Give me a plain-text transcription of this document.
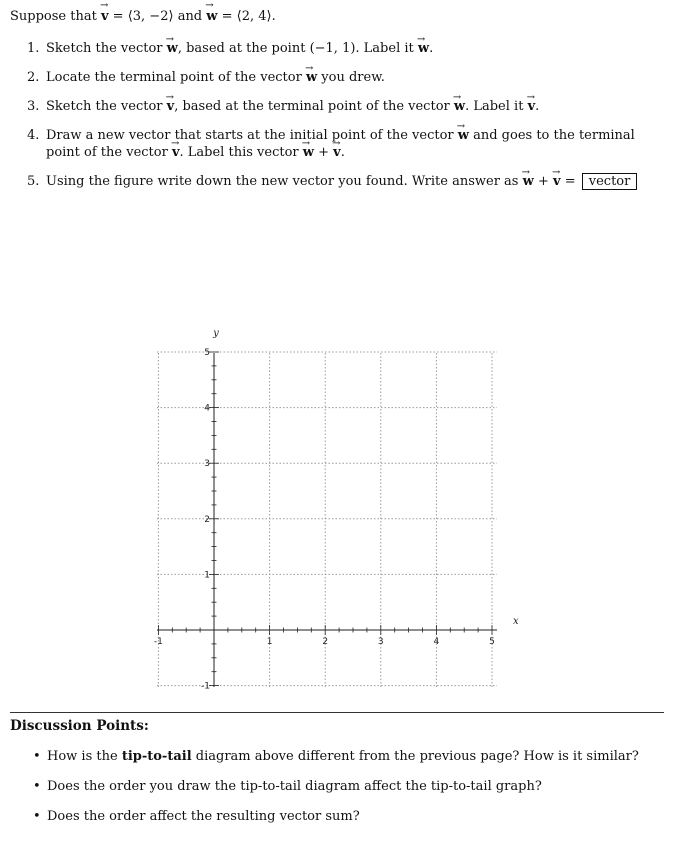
Suppose that → v = ⟨3, −2⟩ and → w = ⟨2, 4⟩.
1. Sketch the vector → w, based at the point (−1, 1). Label it → w.
2. Locate the terminal point of the vector → w you drew.
3. Sketch the vector → v, based at the terminal point of the vector → w. Label it → v.
4. Draw a new vector that starts at the initial point of the vector → w and goes to the terminal point of the vector → v. Label this vector → w + → v.
5. Using the figure write down the new vector you found. Write answer as → w + → v = vector
-1	1	2	3	4	5
-1
1
2
3
4
5
x
y
Discussion Points:
• How is the tip-to-tail diagram above different from the previous page? How is it similar?
• Does the order you draw the tip-to-tail diagram affect the tip-to-tail graph?
• Does the order affect the resulting vector sum?
